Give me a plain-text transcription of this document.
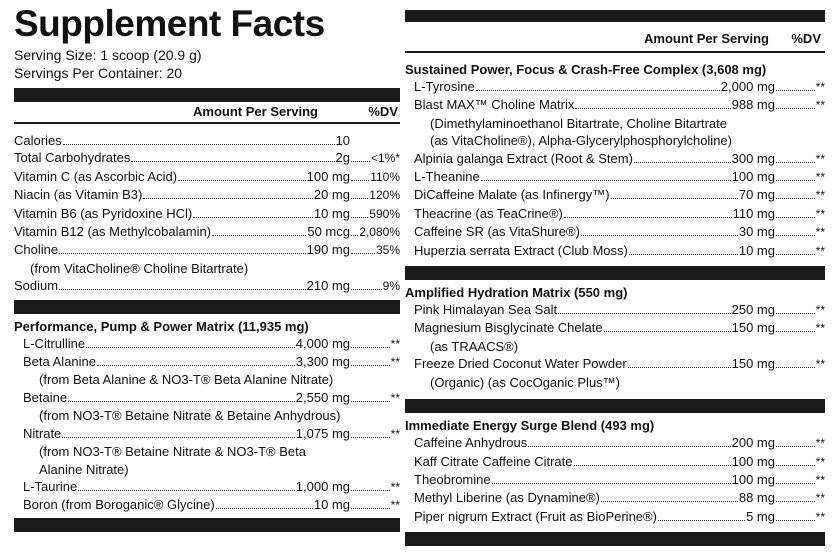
Supplement Facts
Serving Size: 1 scoop (20.9 g)
Servings Per Container: 20
Amount Per Serving	%DV
Calories	10
Total Carbohydrates	2g <1%*
Vitamin C (as Ascorbic Acid)	100 mg 110%
Niacin (as Vitamin B3)	20 mg 120%
Vitamin B6 (as Pyridoxine HCl)	10 mg 590%
Vitamin B12 (as Methylcobalamin)	50 mcg 2,080%
Choline	190 mg 35%
(from VitaCholine® Choline Bitartrate)
Sodium	210 mg	9%
Performance, Pump & Power Matrix (11,935 mg)
L-Citrulline	4,000 mg	**
Beta Alanine	3,300 mg	**
(from Beta Alanine & NO3-T® Beta Alanine Nitrate)
Betaine	2,550 mg	**
(from NO3-T® Betaine Nitrate & Betaine Anhydrous)
Nitrate	1,075 mg	**
(from NO3-T® Betaine Nitrate & NO3-T® Beta
Alanine Nitrate)
L-Taurine	1,000 mg	**
Boron (from Boroganic® Glycine)	10 mg	**
Amount Per Serving	%DV
Sustained Power, Focus & Crash-Free Complex (3,608 mg)
L-Tyrosine	2,000 mg	**
Blast MAX™ Choline Matrix	988 mg	**
(Dimethylaminoethanol Bitartrate, Choline Bitartrate
(as VitaCholine®), Alpha-Glycerylphosphorylcholine)
Alpinia galanga Extract (Root & Stem)	300 mg	**
L-Theanine	100 mg	**
DiCaffeine Malate (as Infinergy™)	70 mg	**
Theacrine (as TeaCrine®)	110 mg	**
Caffeine SR (as VitaShure®)	30 mg	**
Huperzia serrata Extract (Club Moss)	10 mg	**
Amplified Hydration Matrix (550 mg)
Pink Himalayan Sea Salt	250 mg	**
Magnesium Bisglycinate Chelate	150 mg	**
(as TRAACS®)
Freeze Dried Coconut Water Powder	150 mg	**
(Organic) (as CocOganic Plus™)
Immediate Energy Surge Blend (493 mg)
Caffeine Anhydrous	200 mg	**
Kaff Citrate Caffeine Citrate	100 mg	**
Theobromine	100 mg	**
Methyl Liberine (as Dynamine®)	88 mg	**
Piper nigrum Extract (Fruit as BioPerine®)	5 mg	**
